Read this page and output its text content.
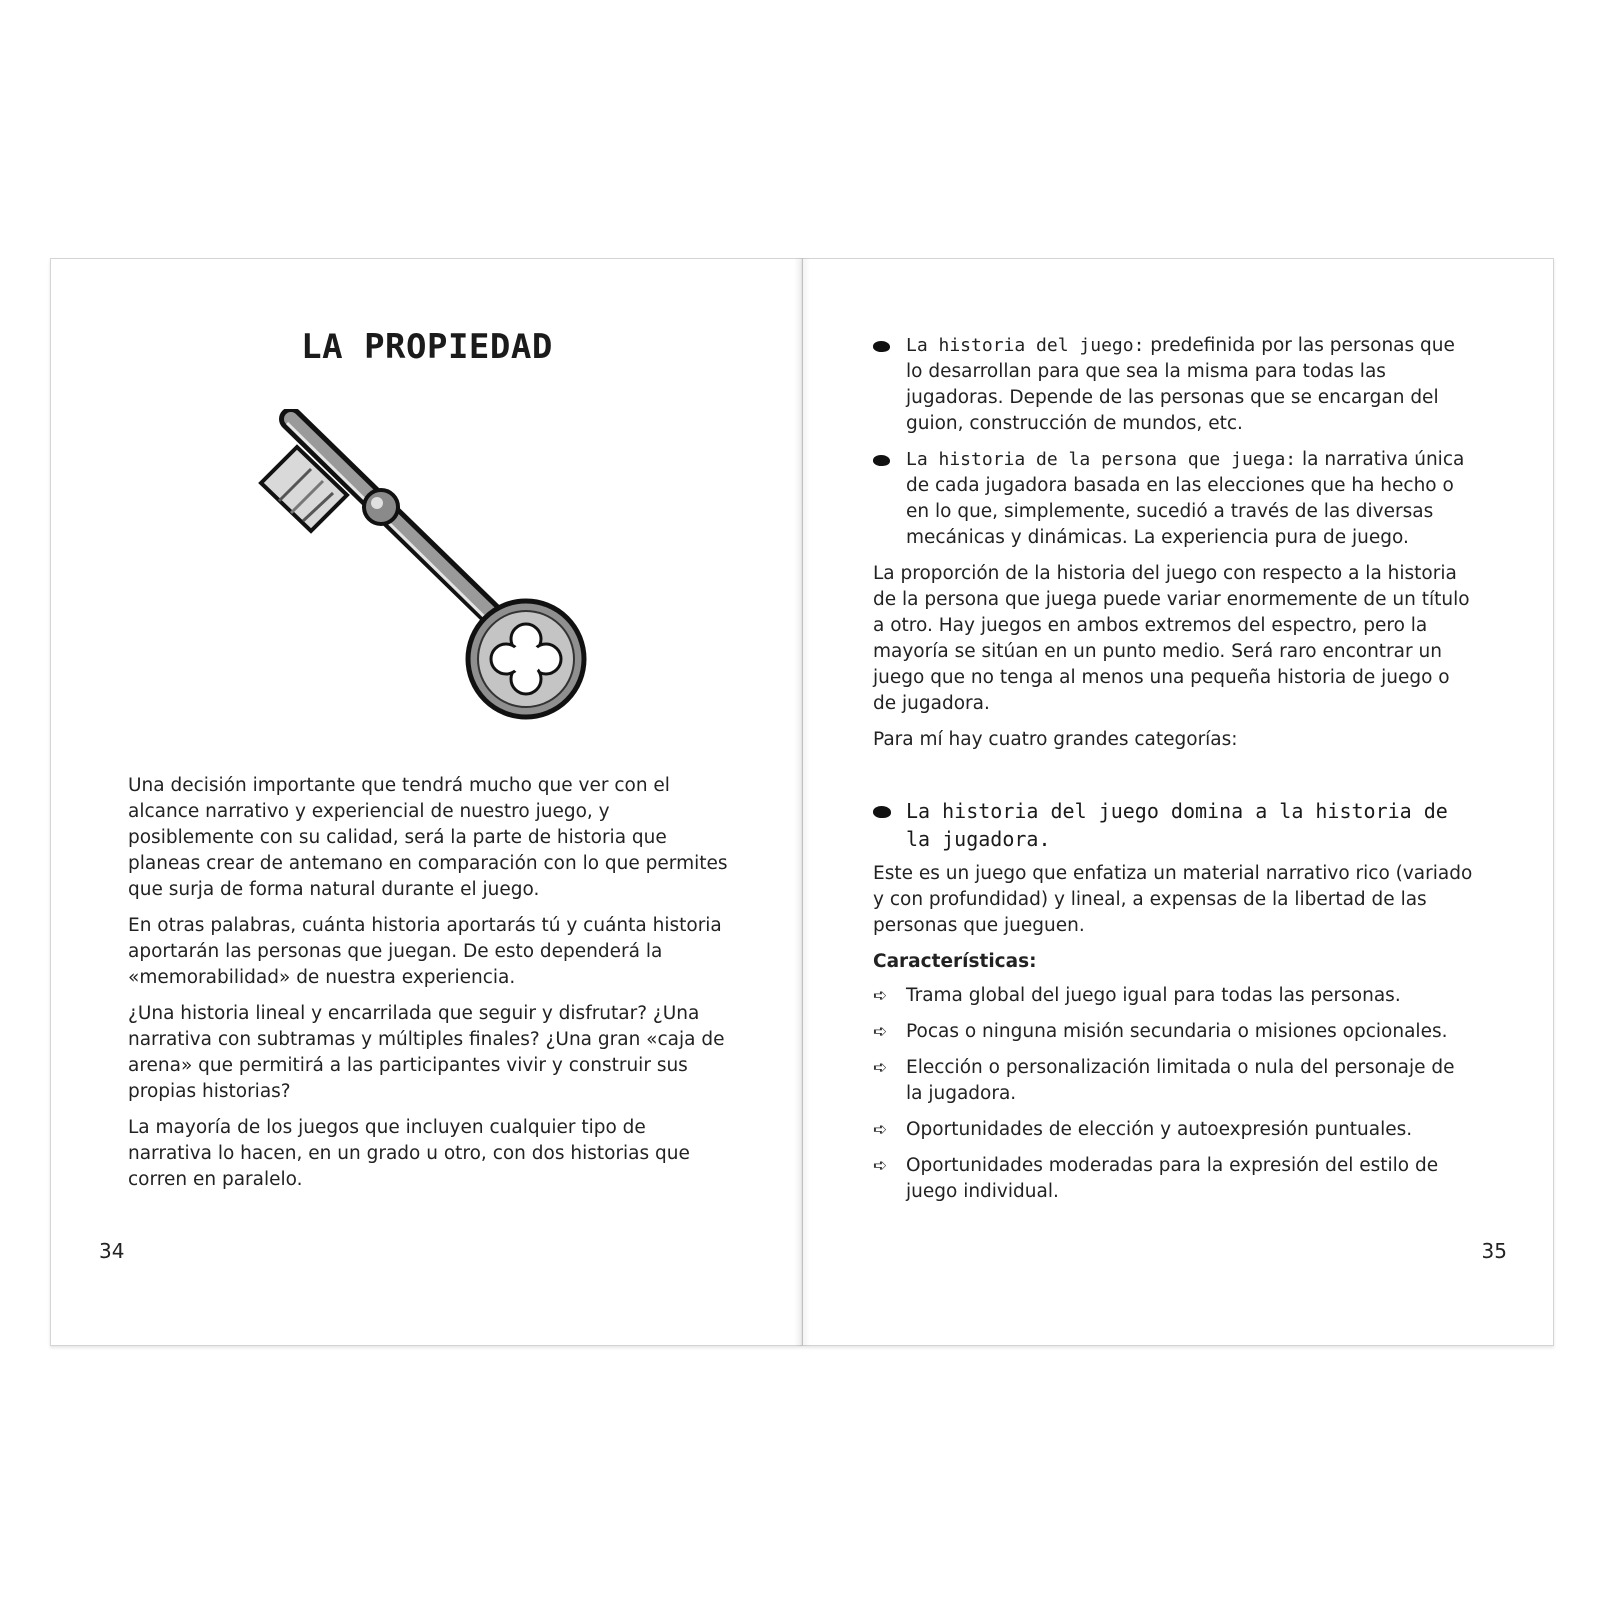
LA PROPIEDAD

Una decisión importante que tendrá mucho que ver con el alcance narrativo y experiencial de nuestro juego, y posiblemente con su calidad, será la parte de historia que planeas crear de antemano en comparación con lo que permites que surja de forma natural durante el juego.

En otras palabras, cuánta historia aportarás tú y cuánta historia aportarán las personas que juegan. De esto dependerá la «memorabilidad» de nuestra experiencia.

¿Una historia lineal y encarrilada que seguir y disfrutar? ¿Una narrativa con subtramas y múltiples finales? ¿Una gran «caja de arena» que permitirá a las participantes vivir y construir sus propias historias?

La mayoría de los juegos que incluyen cualquier tipo de narrativa lo hacen, en un grado u otro, con dos historias que corren en paralelo.

34
La historia del juego: predefinida por las personas que lo desarrollan para que sea la misma para todas las jugadoras. Depende de las personas que se encargan del guion, construcción de mundos, etc.
La historia de la persona que juega: la narrativa única de cada jugadora basada en las elecciones que ha hecho o en lo que, simplemente, sucedió a través de las diversas mecánicas y dinámicas. La experiencia pura de juego.

La proporción de la historia del juego con respecto a la historia de la persona que juega puede variar enormemente de un título a otro. Hay juegos en ambos extremos del espectro, pero la mayoría se sitúan en un punto medio. Será raro encontrar un juego que no tenga al menos una pequeña historia de juego o de jugadora.

Para mí hay cuatro grandes categorías:

La historia del juego domina a la historia de la jugadora.

Este es un juego que enfatiza un material narrativo rico (variado y con profundidad) y lineal, a expensas de la libertad de las personas que jueguen.

Características:
➪ Trama global del juego igual para todas las personas.
➪ Pocas o ninguna misión secundaria o misiones opcionales.
➪ Elección o personalización limitada o nula del personaje de la jugadora.
➪ Oportunidades de elección y autoexpresión puntuales.
➪ Oportunidades moderadas para la expresión del estilo de juego individual.
35
